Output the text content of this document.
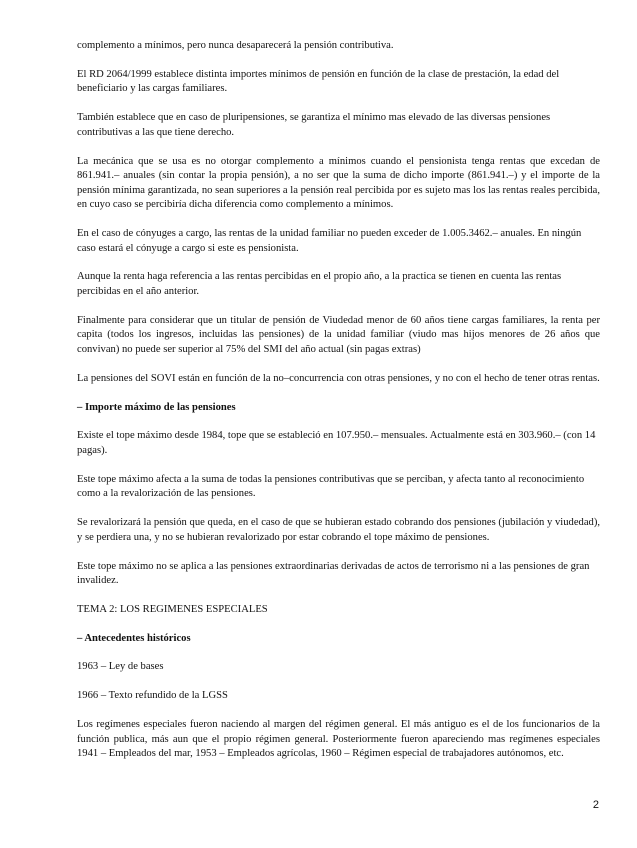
complemento a mínimos, pero nunca desaparecerá la pensión contributiva.

El RD 2064/1999 establece distinta importes mínimos de pensión en función de la clase de prestación, la edad del beneficiario y las cargas familiares.

También establece que en caso de pluripensiones, se garantiza el mínimo mas elevado de las diversas pensiones contributivas a las que tiene derecho.

La mecánica que se usa es no otorgar complemento a mínimos cuando el pensionista tenga rentas que excedan de 861.941.– anuales (sin contar la propia pensión), a no ser que la suma de dicho importe (861.941.–) y el importe de la pensión mínima garantizada, no sean superiores a la pensión real percibida por es sujeto mas los las rentas reales percibida, en cuyo caso se percibiría dicha diferencia como complemento a mínimos.

En el caso de cónyuges a cargo, las rentas de la unidad familiar no pueden exceder de 1.005.3462.– anuales. En ningún caso estará el cónyuge a cargo si este es pensionista.

Aunque la renta haga referencia a las rentas percibidas en el propio año, a la practica se tienen en cuenta las rentas percibidas en el año anterior.

Finalmente para considerar que un titular de pensión de Viudedad menor de 60 años tiene cargas familiares, la renta per capita (todos los ingresos, incluidas las pensiones) de la unidad familiar (viudo mas hijos menores de 26 años que convivan) no puede ser superior al 75% del SMI del año actual (sin pagas extras)

La pensiones del SOVI están en función de la no–concurrencia con otras pensiones, y no con el hecho de tener otras rentas.

– Importe máximo de las pensiones

Existe el tope máximo desde 1984, tope que se estableció en 107.950.– mensuales. Actualmente está en 303.960.– (con 14 pagas).

Este tope máximo afecta a la suma de todas la pensiones contributivas que se perciban, y afecta tanto al reconocimiento como a la revalorización de las pensiones.

Se revalorizará la pensión que queda, en el caso de que se hubieran estado cobrando dos pensiones (jubilación y viudedad), y se perdiera una, y no se hubieran revalorizado por estar cobrando el tope máximo de pensiones.

Este tope máximo no se aplica a las pensiones extraordinarias derivadas de actos de terrorismo ni a las pensiones de gran invalidez.

TEMA 2: LOS REGIMENES ESPECIALES

– Antecedentes históricos

1963 – Ley de bases

1966 – Texto refundido de la LGSS

Los regímenes especiales fueron naciendo al margen del régimen general. El más antiguo es el de los funcionarios de la función publica, más aun que el propio régimen general. Posteriormente fueron apareciendo mas regímenes especiales 1941 – Empleados del mar, 1953 – Empleados agrícolas, 1960 – Régimen especial de trabajadores autónomos, etc.

2
